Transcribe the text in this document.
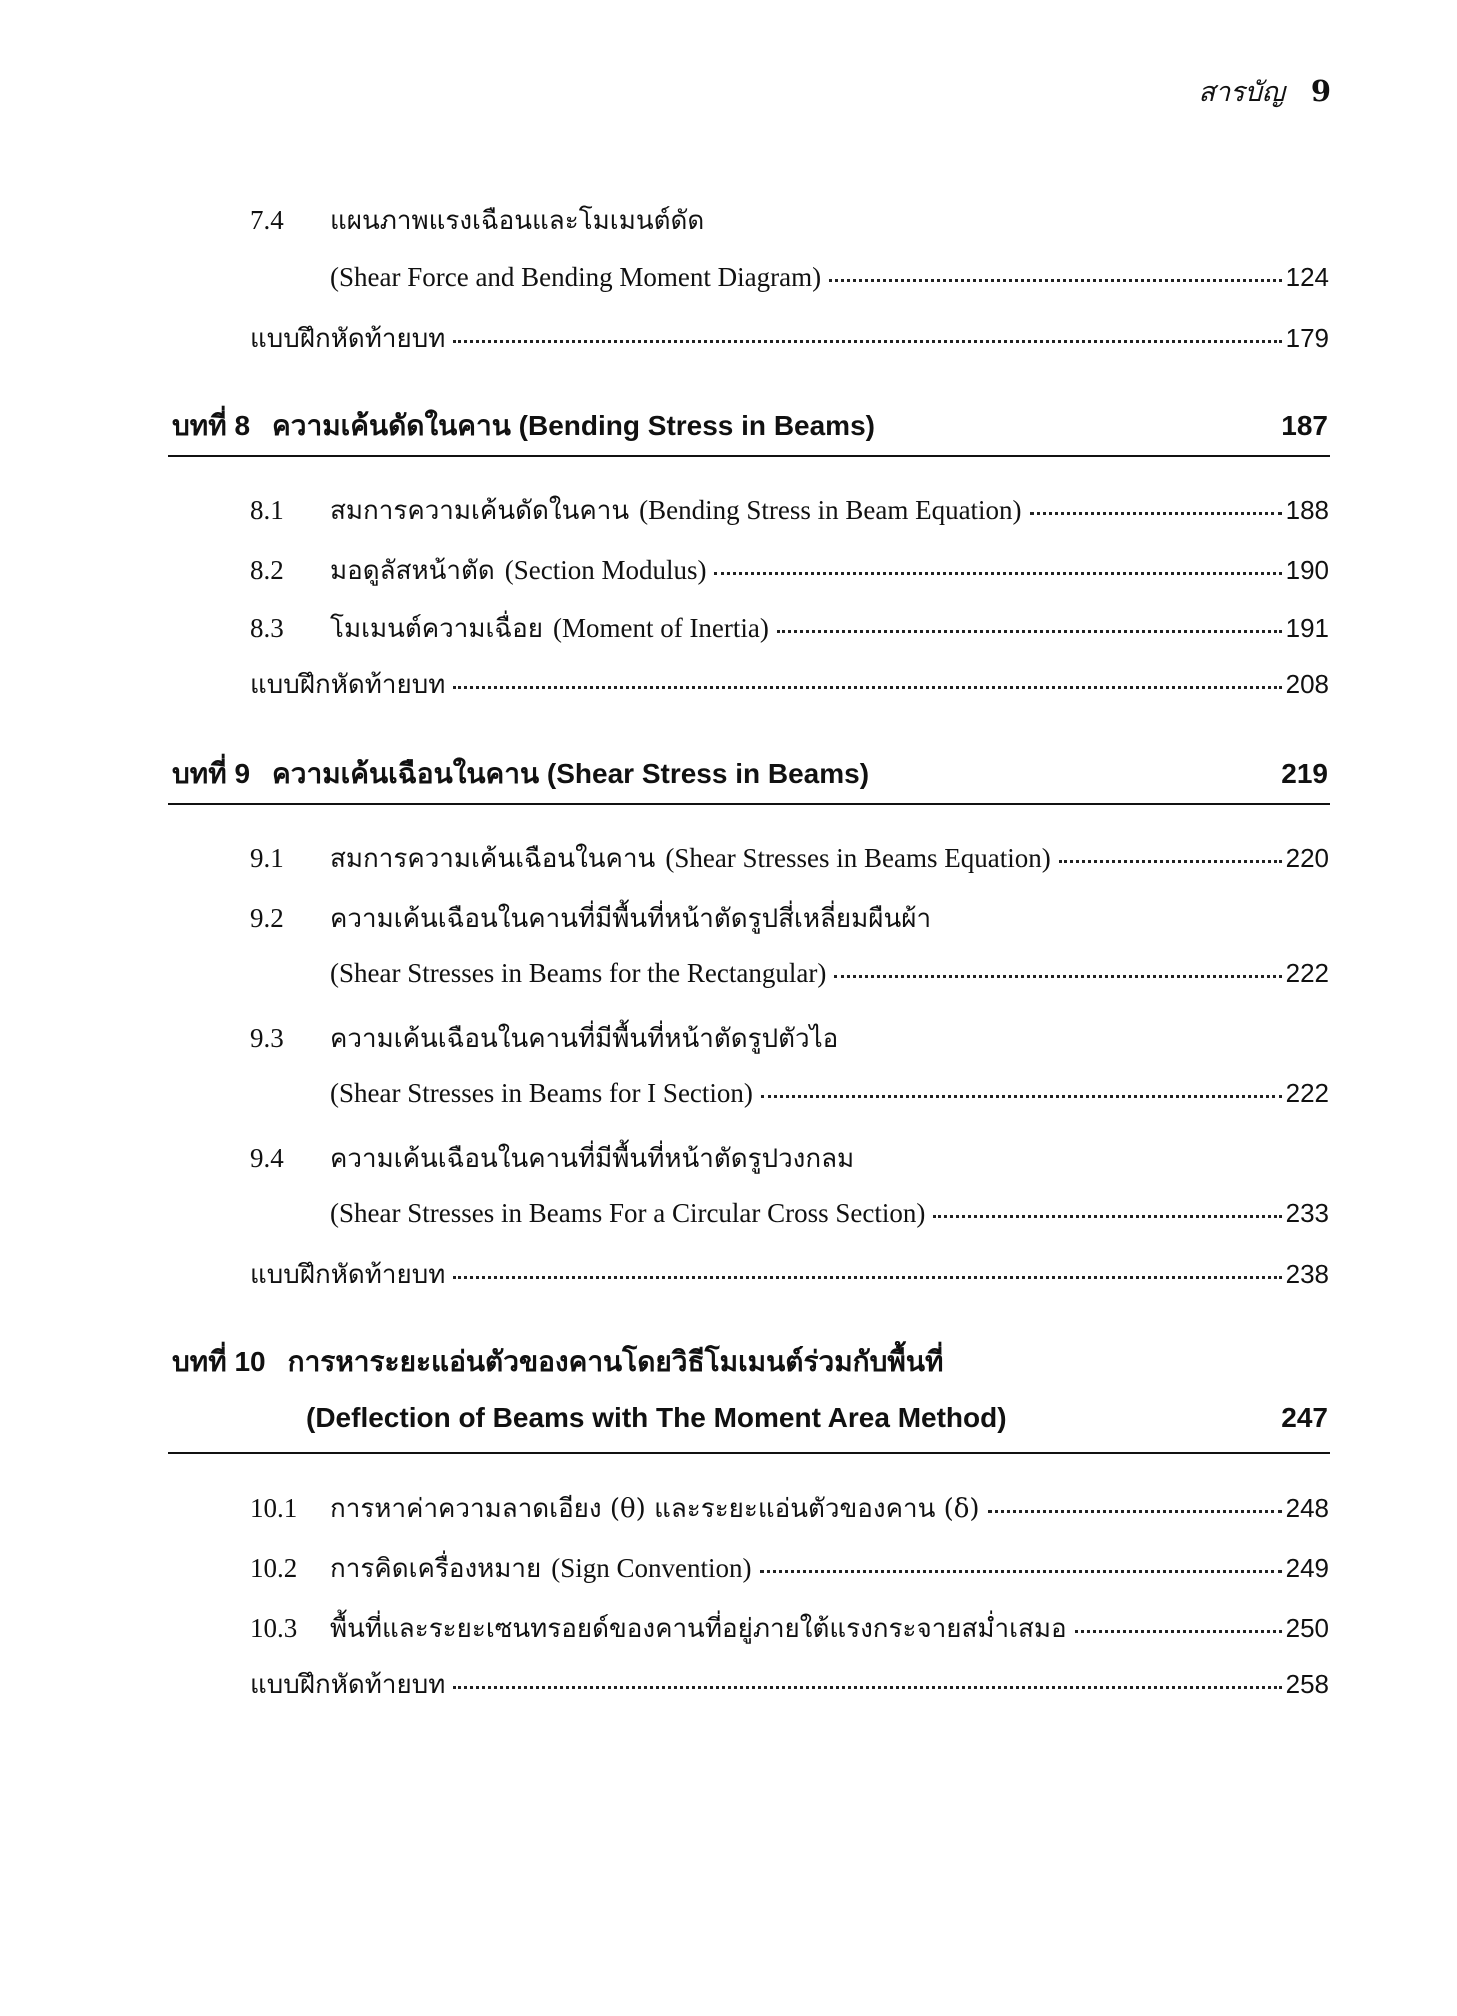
สารบัญ 9
7.4	แผนภาพแรงเฉือนและโมเมนต์ดัด
(Shear Force and Bending Moment Diagram)	124
แบบฝึกหัดท้ายบท	179
บทที่ 8 ความเค้นดัดในคาน (Bending Stress in Beams)	187
8.1	สมการความเค้นดัดในคาน (Bending Stress in Beam Equation)	188
8.2	มอดูลัสหน้าตัด (Section Modulus)	190
8.3	โมเมนต์ความเฉื่อย (Moment of Inertia)	191
แบบฝึกหัดท้ายบท	208
บทที่ 9 ความเค้นเฉือนในคาน (Shear Stress in Beams)	219
9.1	สมการความเค้นเฉือนในคาน (Shear Stresses in Beams Equation)	220
9.2	ความเค้นเฉือนในคานที่มีพื้นที่หน้าตัดรูปสี่เหลี่ยมผืนผ้า
(Shear Stresses in Beams for the Rectangular)	222
9.3	ความเค้นเฉือนในคานที่มีพื้นที่หน้าตัดรูปตัวไอ
(Shear Stresses in Beams for I Section)	222
9.4	ความเค้นเฉือนในคานที่มีพื้นที่หน้าตัดรูปวงกลม
(Shear Stresses in Beams For a Circular Cross Section)	233
แบบฝึกหัดท้ายบท	238
บทที่ 10 การหาระยะแอ่นตัวของคานโดยวิธีโมเมนต์ร่วมกับพื้นที่
(Deflection of Beams with The Moment Area Method)	247
10.1	การหาค่าความลาดเอียง (θ) และระยะแอ่นตัวของคาน (δ)	248
10.2	การคิดเครื่องหมาย (Sign Convention)	249
10.3	พื้นที่และระยะเซนทรอยด์ของคานที่อยู่ภายใต้แรงกระจายสม่ำเสมอ	250
แบบฝึกหัดท้ายบท	258
